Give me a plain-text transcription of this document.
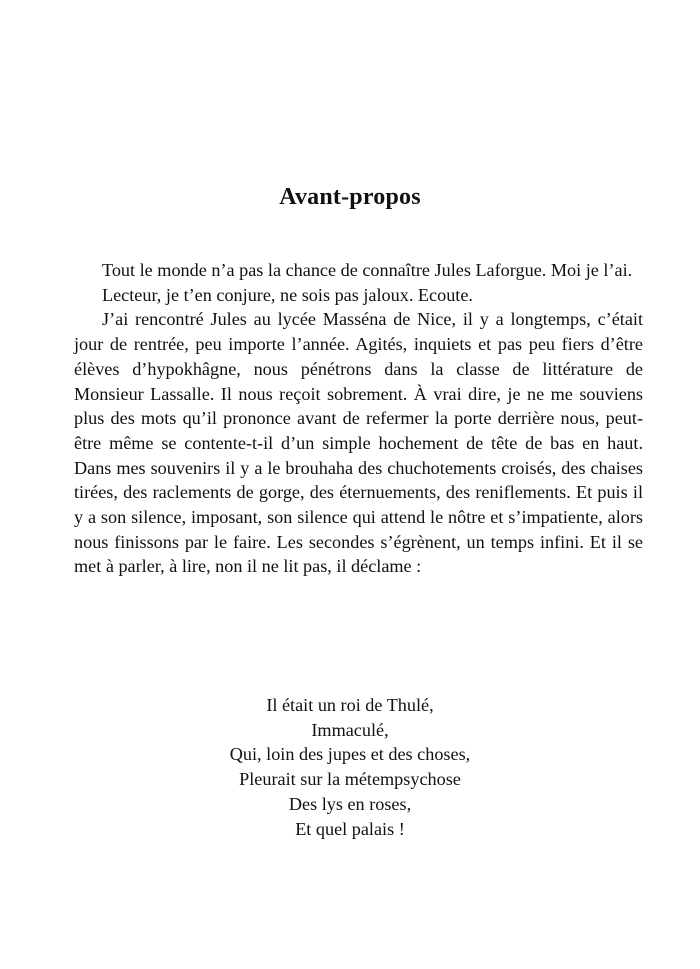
Avant-propos

Tout le monde n’a pas la chance de connaître Jules Laforgue. Moi je l’ai.

Lecteur, je t’en conjure, ne sois pas jaloux. Ecoute.

J’ai rencontré Jules au lycée Masséna de Nice, il y a longtemps, c’était jour de rentrée, peu importe l’année. Agités, inquiets et pas peu fiers d’être élèves d’hypokhâgne, nous pénétrons dans la classe de littérature de Monsieur Lassalle. Il nous reçoit sobrement. À vrai dire, je ne me souviens plus des mots qu’il prononce avant de refermer la porte derrière nous, peut-être même se contente-t-il d’un simple hochement de tête de bas en haut. Dans mes souvenirs il y a le brouhaha des chuchotements croisés, des chaises tirées, des raclements de gorge, des éternuements, des reniflements. Et puis il y a son silence, imposant, son silence qui attend le nôtre et s’impatiente, alors nous finissons par le faire. Les secondes s’égrènent, un temps infini. Et il se met à parler, à lire, non il ne lit pas, il déclame :

Il était un roi de Thulé,
Immaculé,
Qui, loin des jupes et des choses,
Pleurait sur la métempsychose
Des lys en roses,
Et quel palais !
